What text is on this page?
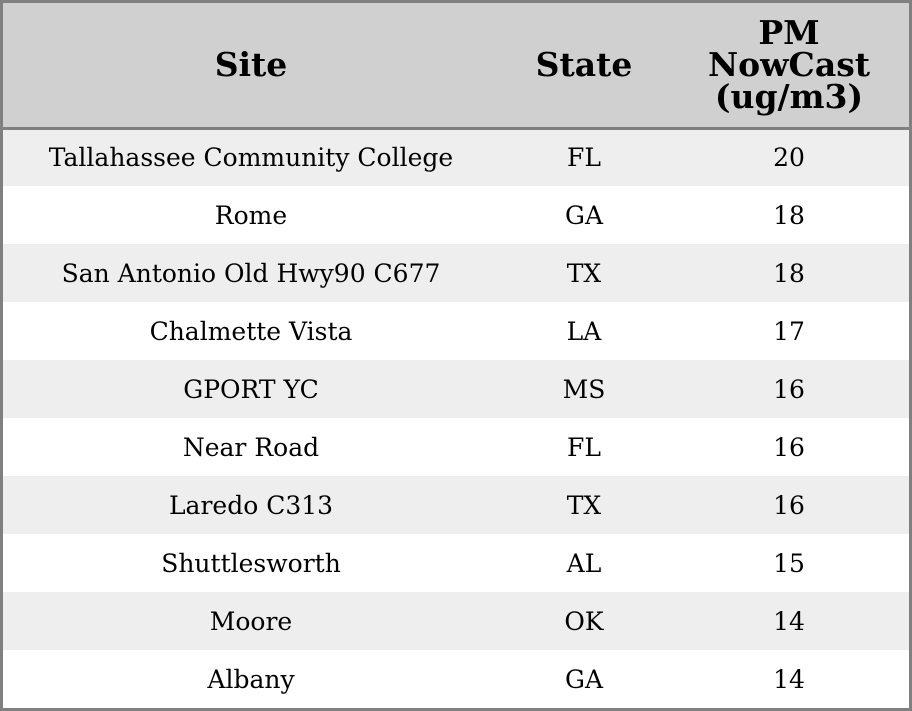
Site	State	PM
NowCast
(ug/m3)

Tallahassee Community College	FL	20
Rome	GA	18
San Antonio Old Hwy90 C677	TX	18
Chalmette Vista	LA	17
GPORT YC	MS	16
Near Road	FL	16
Laredo C313	TX	16
Shuttlesworth	AL	15
Moore	OK	14
Albany	GA	14
